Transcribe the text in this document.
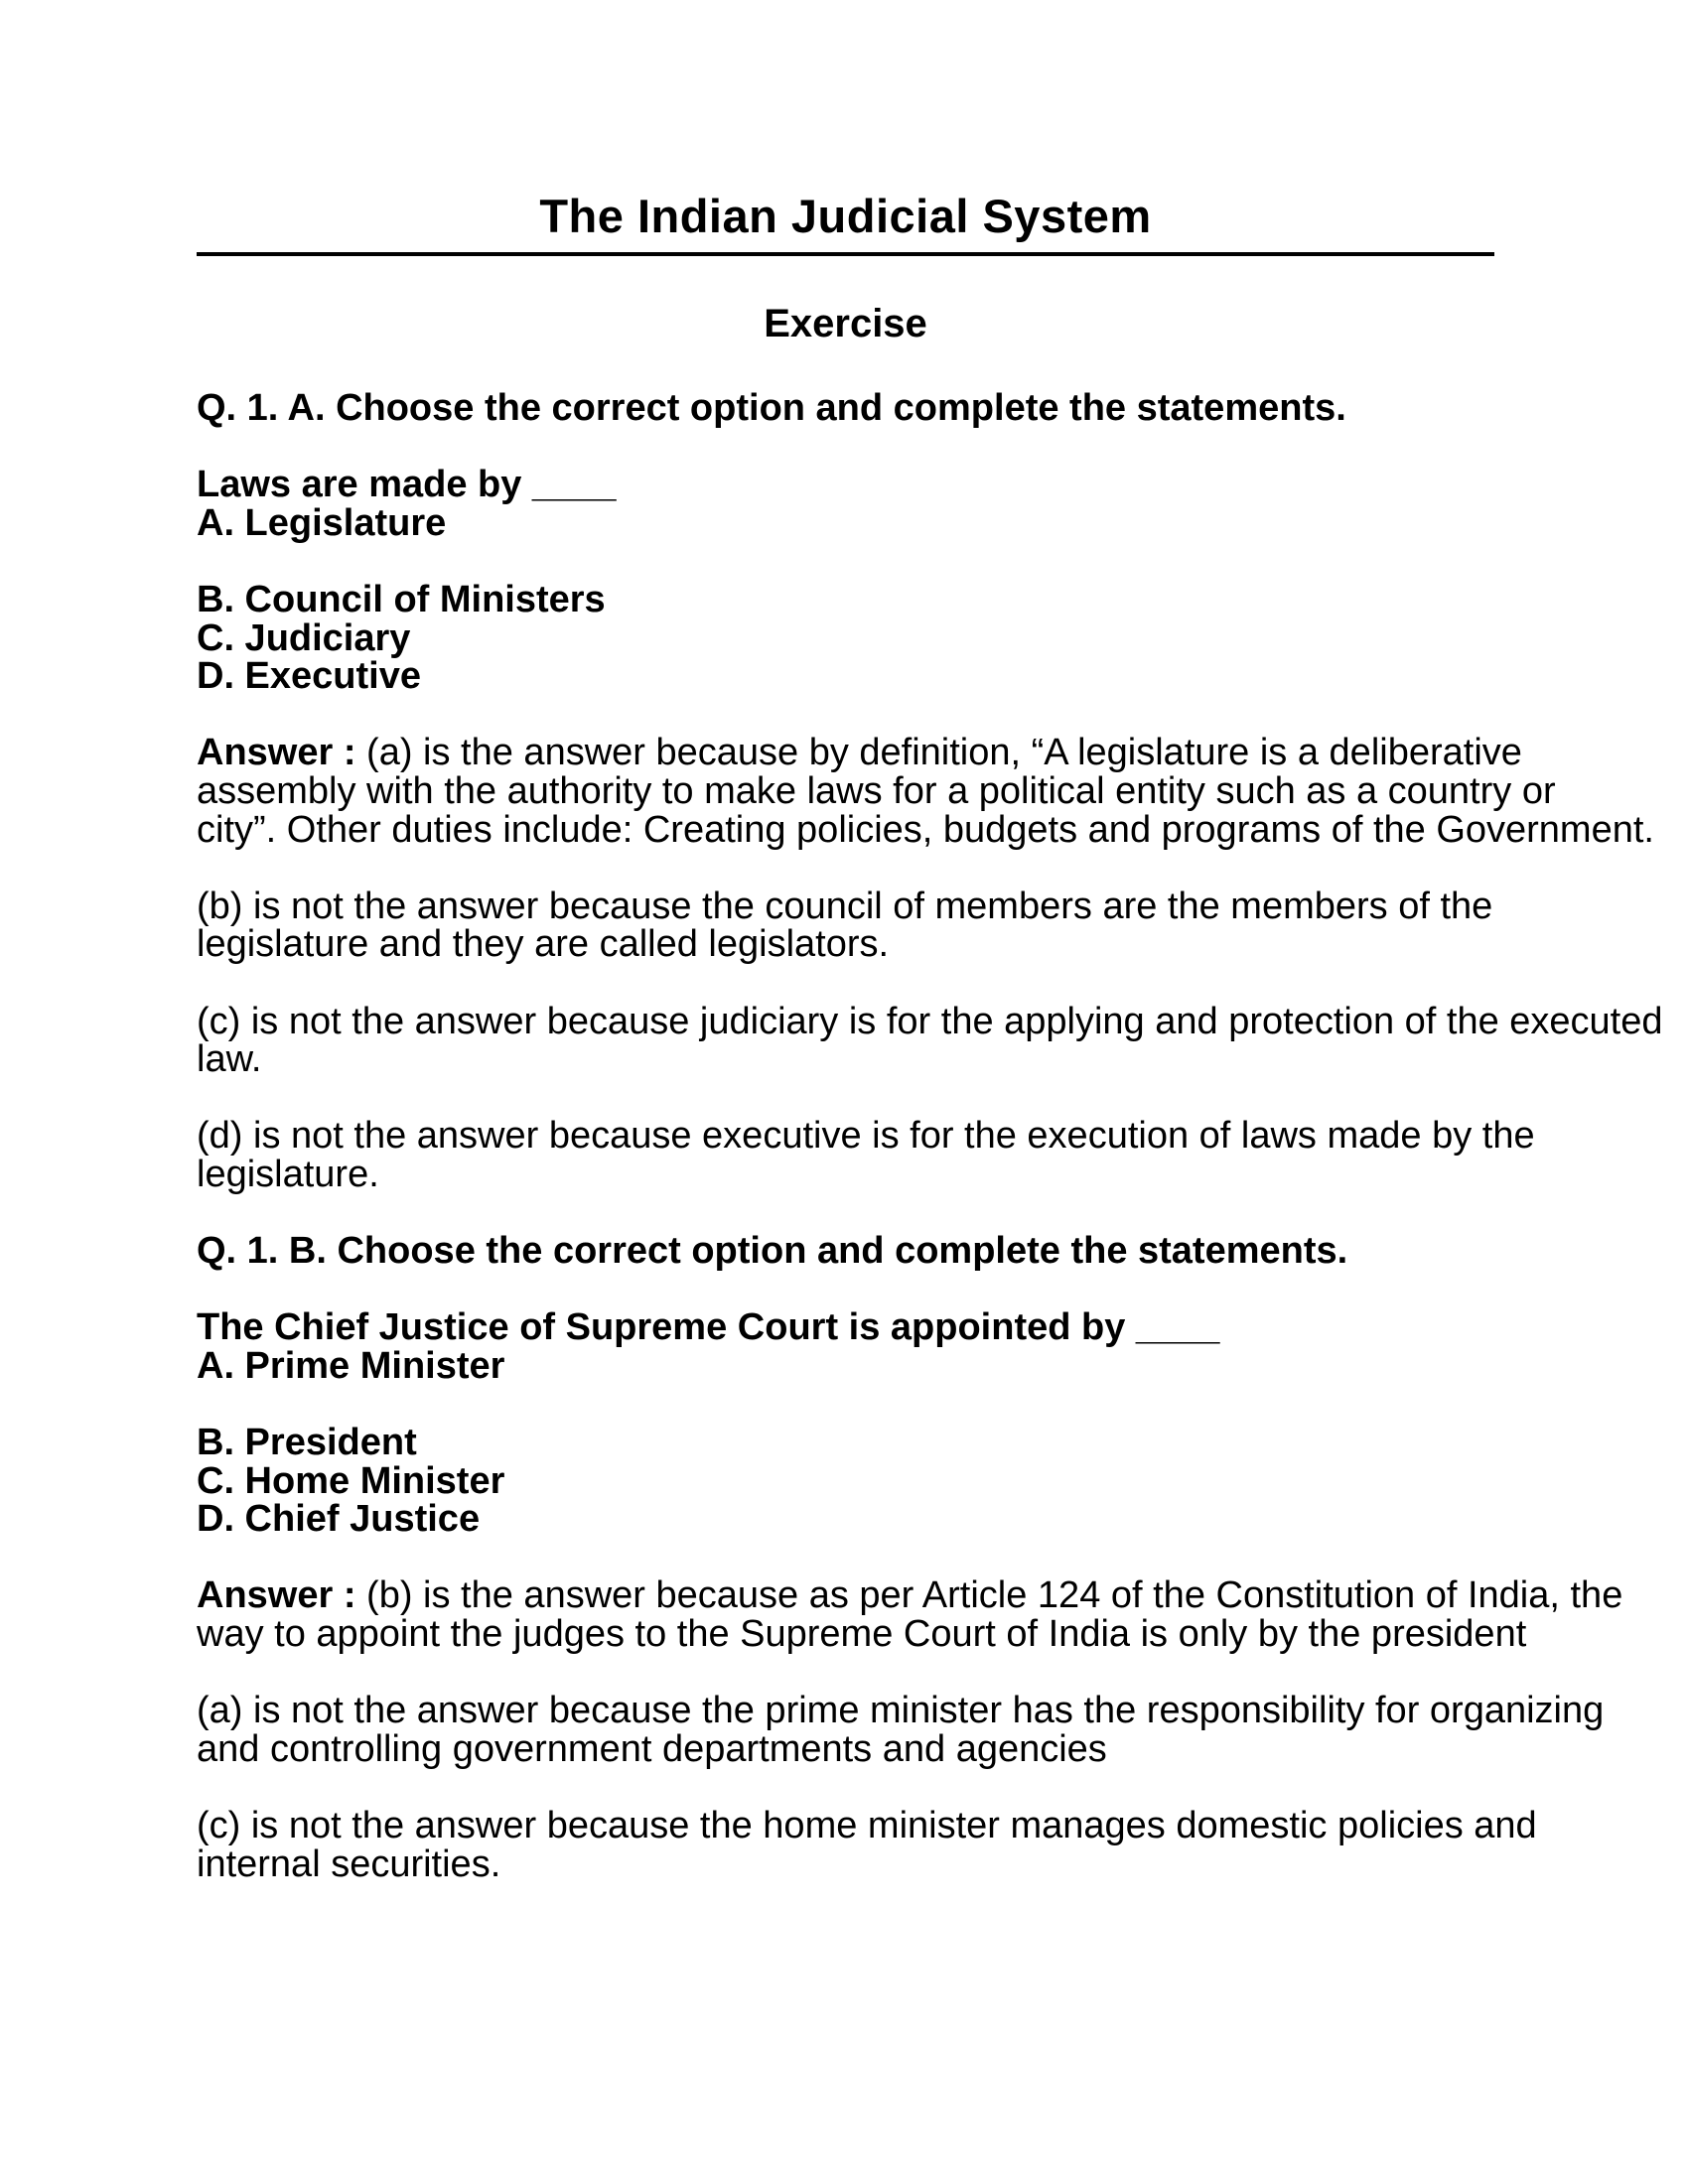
The Indian Judicial System
Exercise
Q. 1. A. Choose the correct option and complete the statements.
Laws are made by ____
A. Legislature
B. Council of Ministers
C. Judiciary
D. Executive
Answer : (a) is the answer because by definition, “A legislature is a deliberative
assembly with the authority to make laws for a political entity such as a country or
city”. Other duties include: Creating policies, budgets and programs of the Government.
(b) is not the answer because the council of members are the members of the
legislature and they are called legislators.
(c) is not the answer because judiciary is for the applying and protection of the executed
law.
(d) is not the answer because executive is for the execution of laws made by the
legislature.
Q. 1. B. Choose the correct option and complete the statements.
The Chief Justice of Supreme Court is appointed by ____
A. Prime Minister
B. President
C. Home Minister
D. Chief Justice
Answer : (b) is the answer because as per Article 124 of the Constitution of India, the
way to appoint the judges to the Supreme Court of India is only by the president
(a) is not the answer because the prime minister has the responsibility for organizing
and controlling government departments and agencies
(c) is not the answer because the home minister manages domestic policies and
internal securities.
